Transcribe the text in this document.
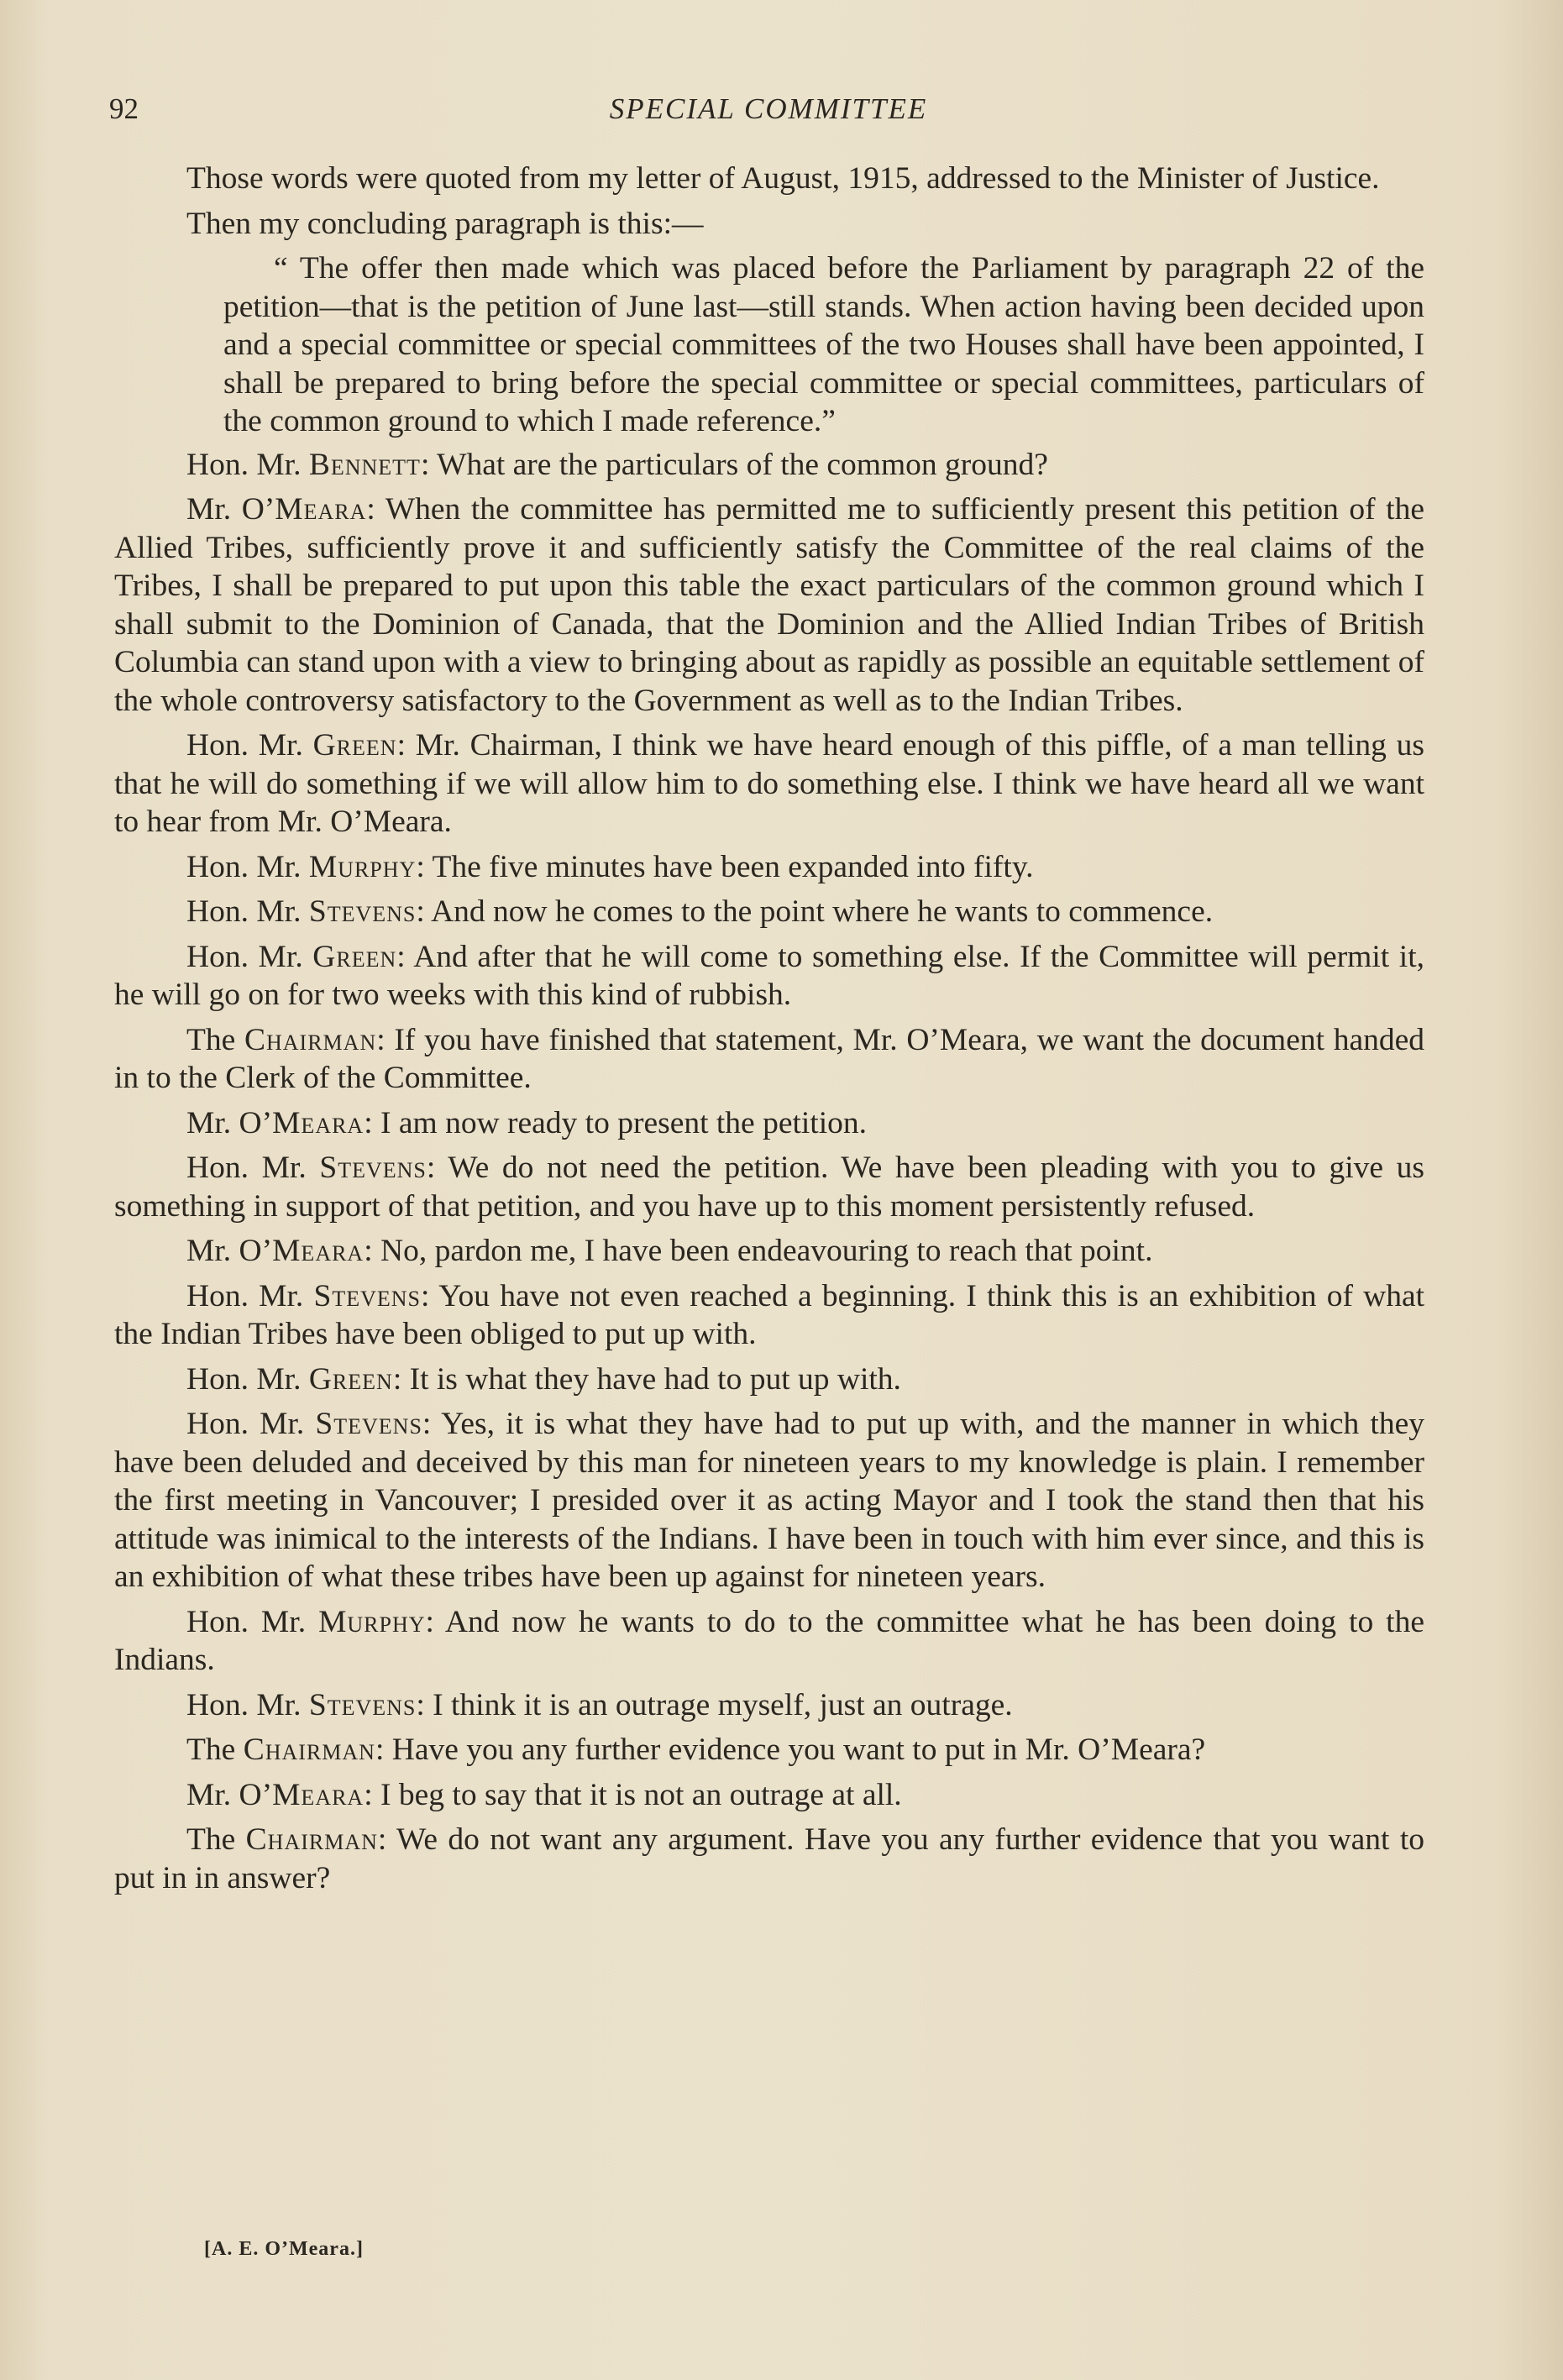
92	SPECIAL COMMITTEE

Those words were quoted from my letter of August, 1915, addressed to the Minister of Justice.

Then my concluding paragraph is this:—

“ The offer then made which was placed before the Parliament by paragraph 22 of the petition—that is the petition of June last—still stands. When action having been decided upon and a special committee or special committees of the two Houses shall have been appointed, I shall be prepared to bring before the special committee or special committees, particulars of the common ground to which I made reference.”

Hon. Mr. Bennett: What are the particulars of the common ground?

Mr. O’Meara: When the committee has permitted me to sufficiently present this petition of the Allied Tribes, sufficiently prove it and sufficiently satisfy the Committee of the real claims of the Tribes, I shall be prepared to put upon this table the exact particulars of the common ground which I shall submit to the Dominion of Canada, that the Dominion and the Allied Indian Tribes of British Columbia can stand upon with a view to bringing about as rapidly as possible an equitable settlement of the whole controversy satisfactory to the Government as well as to the Indian Tribes.

Hon. Mr. Green: Mr. Chairman, I think we have heard enough of this piffle, of a man telling us that he will do something if we will allow him to do something else. I think we have heard all we want to hear from Mr. O’Meara.

Hon. Mr. Murphy: The five minutes have been expanded into fifty.

Hon. Mr. Stevens: And now he comes to the point where he wants to commence.

Hon. Mr. Green: And after that he will come to something else. If the Committee will permit it, he will go on for two weeks with this kind of rubbish.

The Chairman: If you have finished that statement, Mr. O’Meara, we want the document handed in to the Clerk of the Committee.

Mr. O’Meara: I am now ready to present the petition.

Hon. Mr. Stevens: We do not need the petition. We have been pleading with you to give us something in support of that petition, and you have up to this moment persistently refused.

Mr. O’Meara: No, pardon me, I have been endeavouring to reach that point.

Hon. Mr. Stevens: You have not even reached a beginning. I think this is an exhibition of what the Indian Tribes have been obliged to put up with.

Hon. Mr. Green: It is what they have had to put up with.

Hon. Mr. Stevens: Yes, it is what they have had to put up with, and the manner in which they have been deluded and deceived by this man for nineteen years to my knowledge is plain. I remember the first meeting in Vancouver; I presided over it as acting Mayor and I took the stand then that his attitude was inimical to the interests of the Indians. I have been in touch with him ever since, and this is an exhibition of what these tribes have been up against for nineteen years.

Hon. Mr. Murphy: And now he wants to do to the committee what he has been doing to the Indians.

Hon. Mr. Stevens: I think it is an outrage myself, just an outrage.

The Chairman: Have you any further evidence you want to put in Mr. O’Meara?

Mr. O’Meara: I beg to say that it is not an outrage at all.

The Chairman: We do not want any argument. Have you any further evidence that you want to put in in answer?

[A. E. O’Meara.]
